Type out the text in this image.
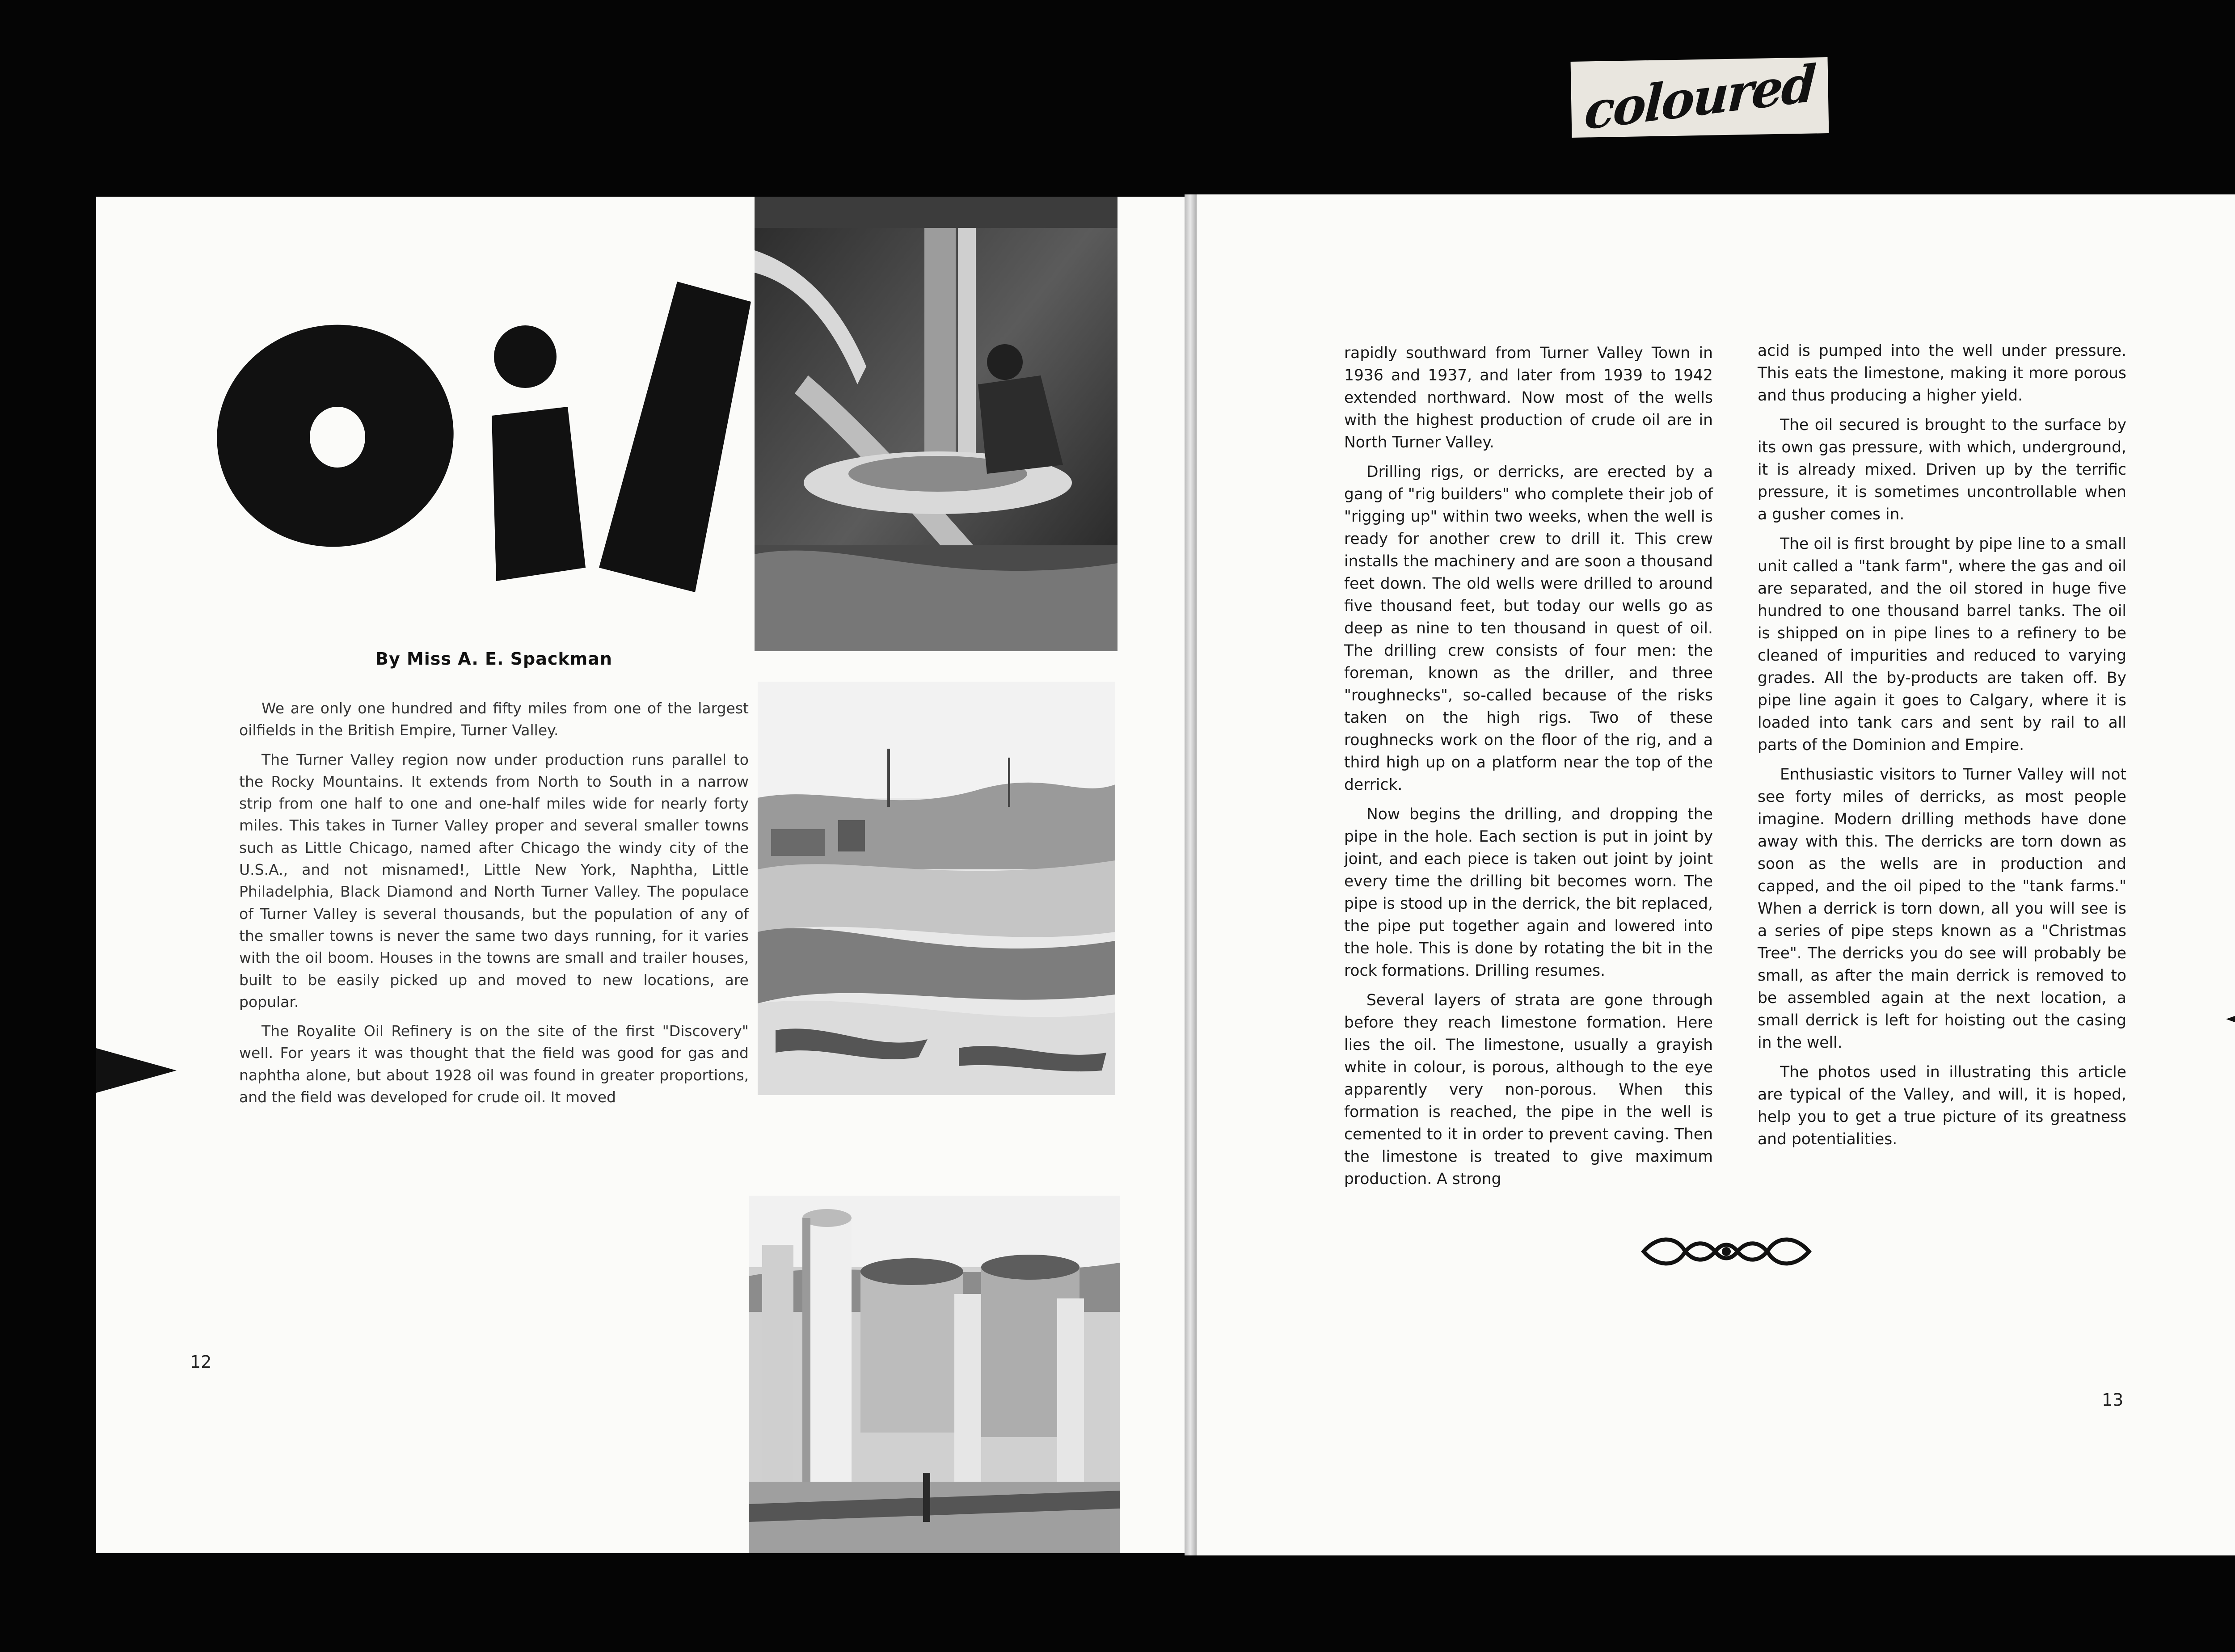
coloured
By Miss A. E. Spackman

We are only one hundred and fifty miles from one of the largest oilfields in the British Empire, Turner Valley.

The Turner Valley region now under production runs parallel to the Rocky Mountains. It extends from North to South in a narrow strip from one half to one and one-half miles wide for nearly forty miles. This takes in Turner Valley proper and several smaller towns such as Little Chicago, named after Chicago the windy city of the U.S.A., and not misnamed!, Little New York, Naphtha, Little Philadelphia, Black Diamond and North Turner Valley. The populace of Turner Valley is several thousands, but the population of any of the smaller towns is never the same two days running, for it varies with the oil boom. Houses in the towns are small and trailer houses, built to be easily picked up and moved to new locations, are popular.

The Royalite Oil Refinery is on the site of the first "Discovery" well. For years it was thought that the field was good for gas and naphtha alone, but about 1928 oil was found in greater proportions, and the field was developed for crude oil. It moved

12

rapidly southward from Turner Valley Town in 1936 and 1937, and later from 1939 to 1942 extended northward. Now most of the wells with the highest production of crude oil are in North Turner Valley.

Drilling rigs, or derricks, are erected by a gang of "rig builders" who complete their job of "rigging up" within two weeks, when the well is ready for another crew to drill it. This crew installs the machinery and are soon a thousand feet down. The old wells were drilled to around five thousand feet, but today our wells go as deep as nine to ten thousand in quest of oil. The drilling crew consists of four men: the foreman, known as the driller, and three "roughnecks", so-called because of the risks taken on the high rigs. Two of these roughnecks work on the floor of the rig, and a third high up on a platform near the top of the derrick.

Now begins the drilling, and dropping the pipe in the hole. Each section is put in joint by joint, and each piece is taken out joint by joint every time the drilling bit becomes worn. The pipe is stood up in the derrick, the bit replaced, the pipe put together again and lowered into the hole. This is done by rotating the bit in the rock formations. Drilling resumes.

Several layers of strata are gone through before they reach limestone formation. Here lies the oil. The limestone, usually a grayish white in colour, is porous, although to the eye apparently very non-porous. When this formation is reached, the pipe in the well is cemented to it in order to prevent caving. Then the limestone is treated to give maximum production. A strong

acid is pumped into the well under pressure. This eats the limestone, making it more porous and thus producing a higher yield.

The oil secured is brought to the surface by its own gas pressure, with which, underground, it is already mixed. Driven up by the terrific pressure, it is sometimes uncontrollable when a gusher comes in.

The oil is first brought by pipe line to a small unit called a "tank farm", where the gas and oil are separated, and the oil stored in huge five hundred to one thousand barrel tanks. The oil is shipped on in pipe lines to a refinery to be cleaned of impurities and reduced to varying grades. All the by-products are taken off. By pipe line again it goes to Calgary, where it is loaded into tank cars and sent by rail to all parts of the Dominion and Empire.

Enthusiastic visitors to Turner Valley will not see forty miles of derricks, as most people imagine. Modern drilling methods have done away with this. The derricks are torn down as soon as the wells are in production and capped, and the oil piped to the "tank farms." When a derrick is torn down, all you will see is a series of pipe steps known as a "Christmas Tree". The derricks you do see will probably be small, as after the main derrick is removed to be assembled again at the next location, a small derrick is left for hoisting out the casing in the well.

The photos used in illustrating this article are typical of the Valley, and will, it is hoped, help you to get a true picture of its greatness and potentialities.

13
